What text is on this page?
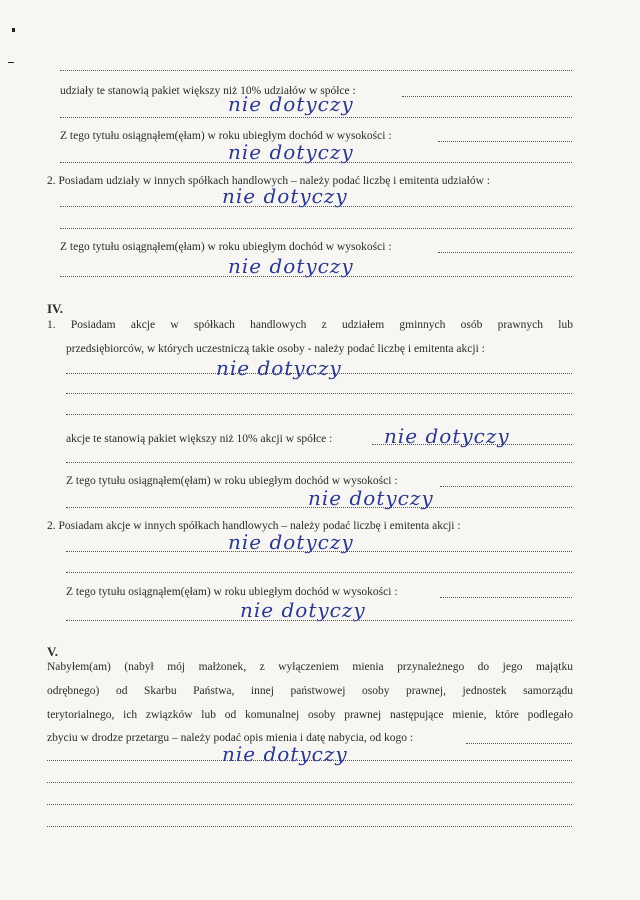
udziały te stanowią pakiet większy niż 10% udziałów w spółce :
nie dotyczy
Z tego tytułu osiągnąłem(ęłam) w roku ubiegłym dochód w wysokości :
nie dotyczy
2. Posiadam udziały w innych spółkach handlowych – należy podać liczbę i emitenta udziałów :
nie dotyczy
Z tego tytułu osiągnąłem(ęłam) w roku ubiegłym dochód w wysokości :
nie dotyczy
IV.
1. Posiadam akcje w spółkach handlowych z udziałem gminnych osób prawnych lub
przedsiębiorców, w których uczestniczą takie osoby - należy podać liczbę i emitenta akcji :
nie dotyczy
akcje te stanowią pakiet większy niż 10% akcji w spółce :	nie dotyczy
Z tego tytułu osiągnąłem(ęłam) w roku ubiegłym dochód w wysokości :
nie dotyczy
2. Posiadam akcje w innych spółkach handlowych – należy podać liczbę i emitenta akcji :
nie dotyczy
Z tego tytułu osiągnąłem(ęłam) w roku ubiegłym dochód w wysokości :
nie dotyczy
V.
Nabyłem(am) (nabył mój małżonek, z wyłączeniem mienia przynależnego do jego majątku
odrębnego) od Skarbu Państwa, innej państwowej osoby prawnej, jednostek samorządu
terytorialnego, ich związków lub od komunalnej osoby prawnej następujące mienie, które podlegało
zbyciu w drodze przetargu – należy podać opis mienia i datę nabycia, od kogo :
nie dotyczy
